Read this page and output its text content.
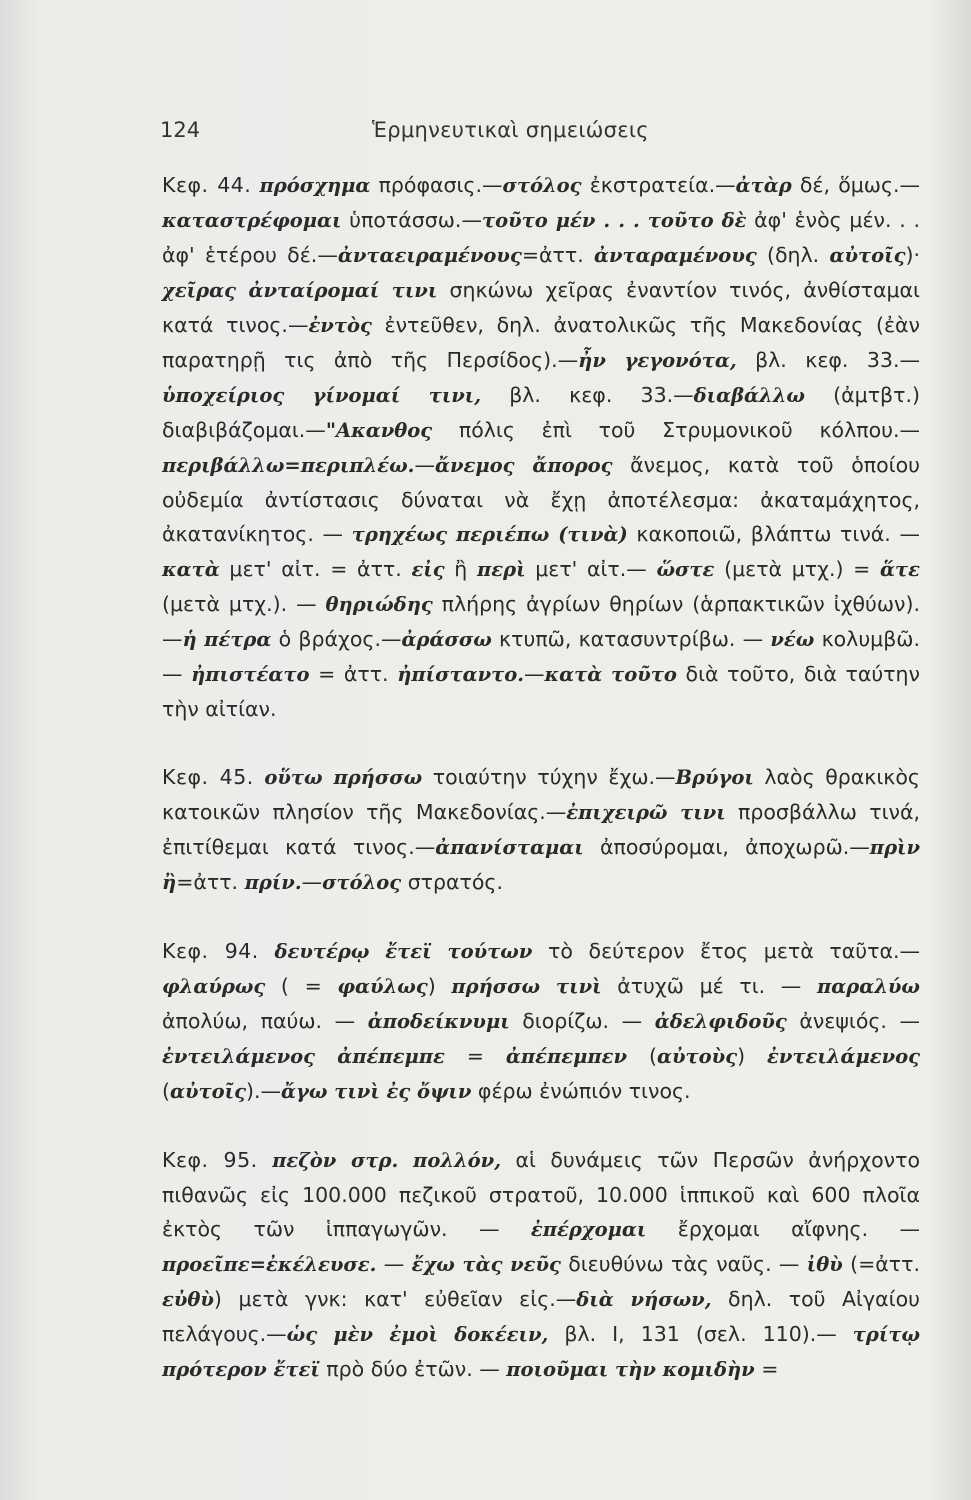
124	Ἑρμηνευτικαὶ σημειώσεις

Κεφ. 44. πρόσχημα πρόφασις.—στόλος ἐκστρατεία.—ἀτὰρ δέ, ὅμως.—καταστρέφομαι ὑποτάσσω.—τοῦτο μέν . . . τοῦτο δὲ ἀφ' ἑνὸς μέν. . . ἀφ' ἑτέρου δέ.—ἀνταειραμένους=ἀττ. ἀνταραμένους (δηλ. αὐτοῖς)· χεῖρας ἀνταίρομαί τινι σηκώνω χεῖρας ἐναντίον τινός, ἀνθίσταμαι κατά τινος.—ἐντὸς ἐντεῦθεν, δηλ. ἀνατολικῶς τῆς Μακεδονίας (ἐὰν παρατηρῇ τις ἀπὸ τῆς Περσίδος).—ἦν γεγονότα, βλ. κεφ. 33.—ὑποχείριος γίνομαί τινι, βλ. κεφ. 33.—διαβάλλω (ἀμτβτ.) διαβιβάζομαι.—"Ακανθος πόλις ἐπὶ τοῦ Στρυμονικοῦ κόλπου.—περιβάλλω=περιπλέω.—ἄνεμος ἄπορος ἄνεμος, κατὰ τοῦ ὁποίου οὐδεμία ἀντίστασις δύναται νὰ ἔχῃ ἀποτέλεσμα: ἀκαταμάχητος, ἀκατανίκητος. — τρηχέως περιέπω (τινὰ) κακοποιῶ, βλάπτω τινά. — κατὰ μετ' αἰτ. = ἀττ. εἰς ἢ περὶ μετ' αἰτ.— ὥστε (μετὰ μτχ.) = ἅτε (μετὰ μτχ.). — θηριώδης πλήρης ἀγρίων θηρίων (ἁρπακτικῶν ἰχθύων).—ἡ πέτρα ὁ βράχος.—ἀράσσω κτυπῶ, κατασυντρίβω. — νέω κολυμβῶ. — ἠπιστέατο = ἀττ. ἠπίσταντο.—κατὰ τοῦτο διὰ τοῦτο, διὰ ταύτην τὴν αἰτίαν.

Κεφ. 45. οὕτω πρήσσω τοιαύτην τύχην ἔχω.—Βρύγοι λαὸς θρακικὸς κατοικῶν πλησίον τῆς Μακεδονίας.—ἐπιχειρῶ τινι προσβάλλω τινά, ἐπιτίθεμαι κατά τινος.—ἀπανίσταμαι ἀποσύρομαι, ἀποχωρῶ.—πρὶν ἢ=ἀττ. πρίν.—στόλος στρατός.

Κεφ. 94. δευτέρῳ ἔτεϊ τούτων τὸ δεύτερον ἔτος μετὰ ταῦτα.— φλαύρως ( = φαύλως) πρήσσω τινὶ ἀτυχῶ μέ τι. — παραλύω ἀπολύω, παύω. — ἀποδείκνυμι διορίζω. — ἀδελφιδοῦς ἀνεψιός. — ἐντειλάμενος ἀπέπεμπε = ἀπέπεμπεν (αὐτοὺς) ἐντειλάμενος (αὐτοῖς).—ἄγω τινὶ ἐς ὄψιν φέρω ἐνώπιόν τινος.

Κεφ. 95. πεζὸν στρ. πολλόν, αἱ δυνάμεις τῶν Περσῶν ἀνήρχοντο πιθανῶς εἰς 100.000 πεζικοῦ στρατοῦ, 10.000 ἱππικοῦ καὶ 600 πλοῖα ἐκτὸς τῶν ἱππαγωγῶν. — ἐπέρχομαι ἔρχομαι αἴφνης. — προεῖπε=ἐκέλευσε. — ἔχω τὰς νεῦς διευθύνω τὰς ναῦς. — ἰθὺ (=ἀττ. εὐθὺ) μετὰ γνκ: κατ' εὐθεῖαν εἰς.—διὰ νήσων, δηλ. τοῦ Αἰγαίου πελάγους.—ὡς μὲν ἐμοὶ δοκέειν, βλ. I, 131 (σελ. 110).— τρίτῳ πρότερον ἔτεϊ πρὸ δύο ἐτῶν. — ποιοῦμαι τὴν κομιδὴν =
